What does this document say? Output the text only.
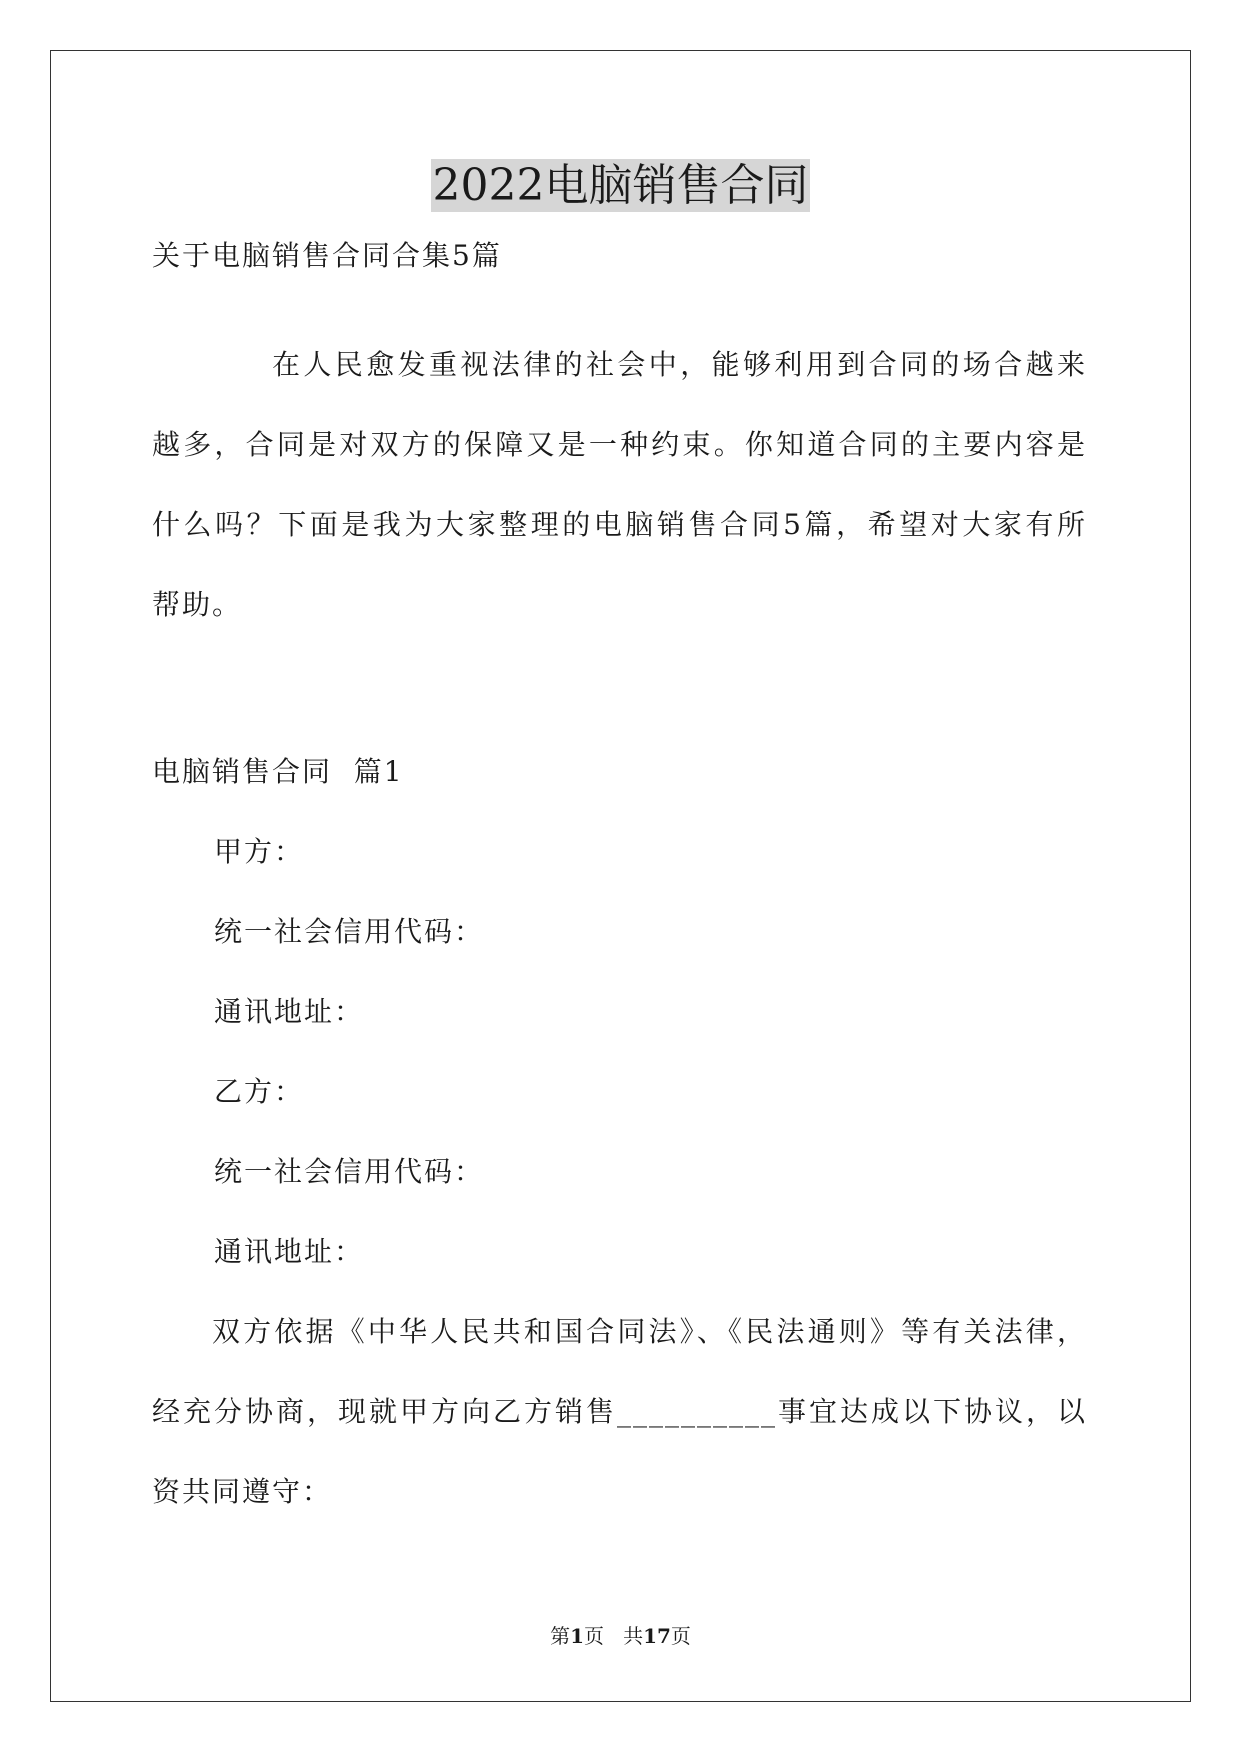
2022电脑销售合同

关于电脑销售合同合集5篇

在人民愈发重视法律的社会中，能够利用到合同的场合越来

越多，合同是对双方的保障又是一种约束。你知道合同的主要内容是

什么吗？下面是我为大家整理的电脑销售合同5篇，希望对大家有所

帮助。

电脑销售合同  篇1

甲方：

统一社会信用代码：

通讯地址：

乙方：

统一社会信用代码：

通讯地址：

双方依据《中华人民共和国合同法》、《民法通则》等有关法律，

经充分协商，现就甲方向乙方销售__________事宜达成以下协议，以

资共同遵守：

第1页   共17页
